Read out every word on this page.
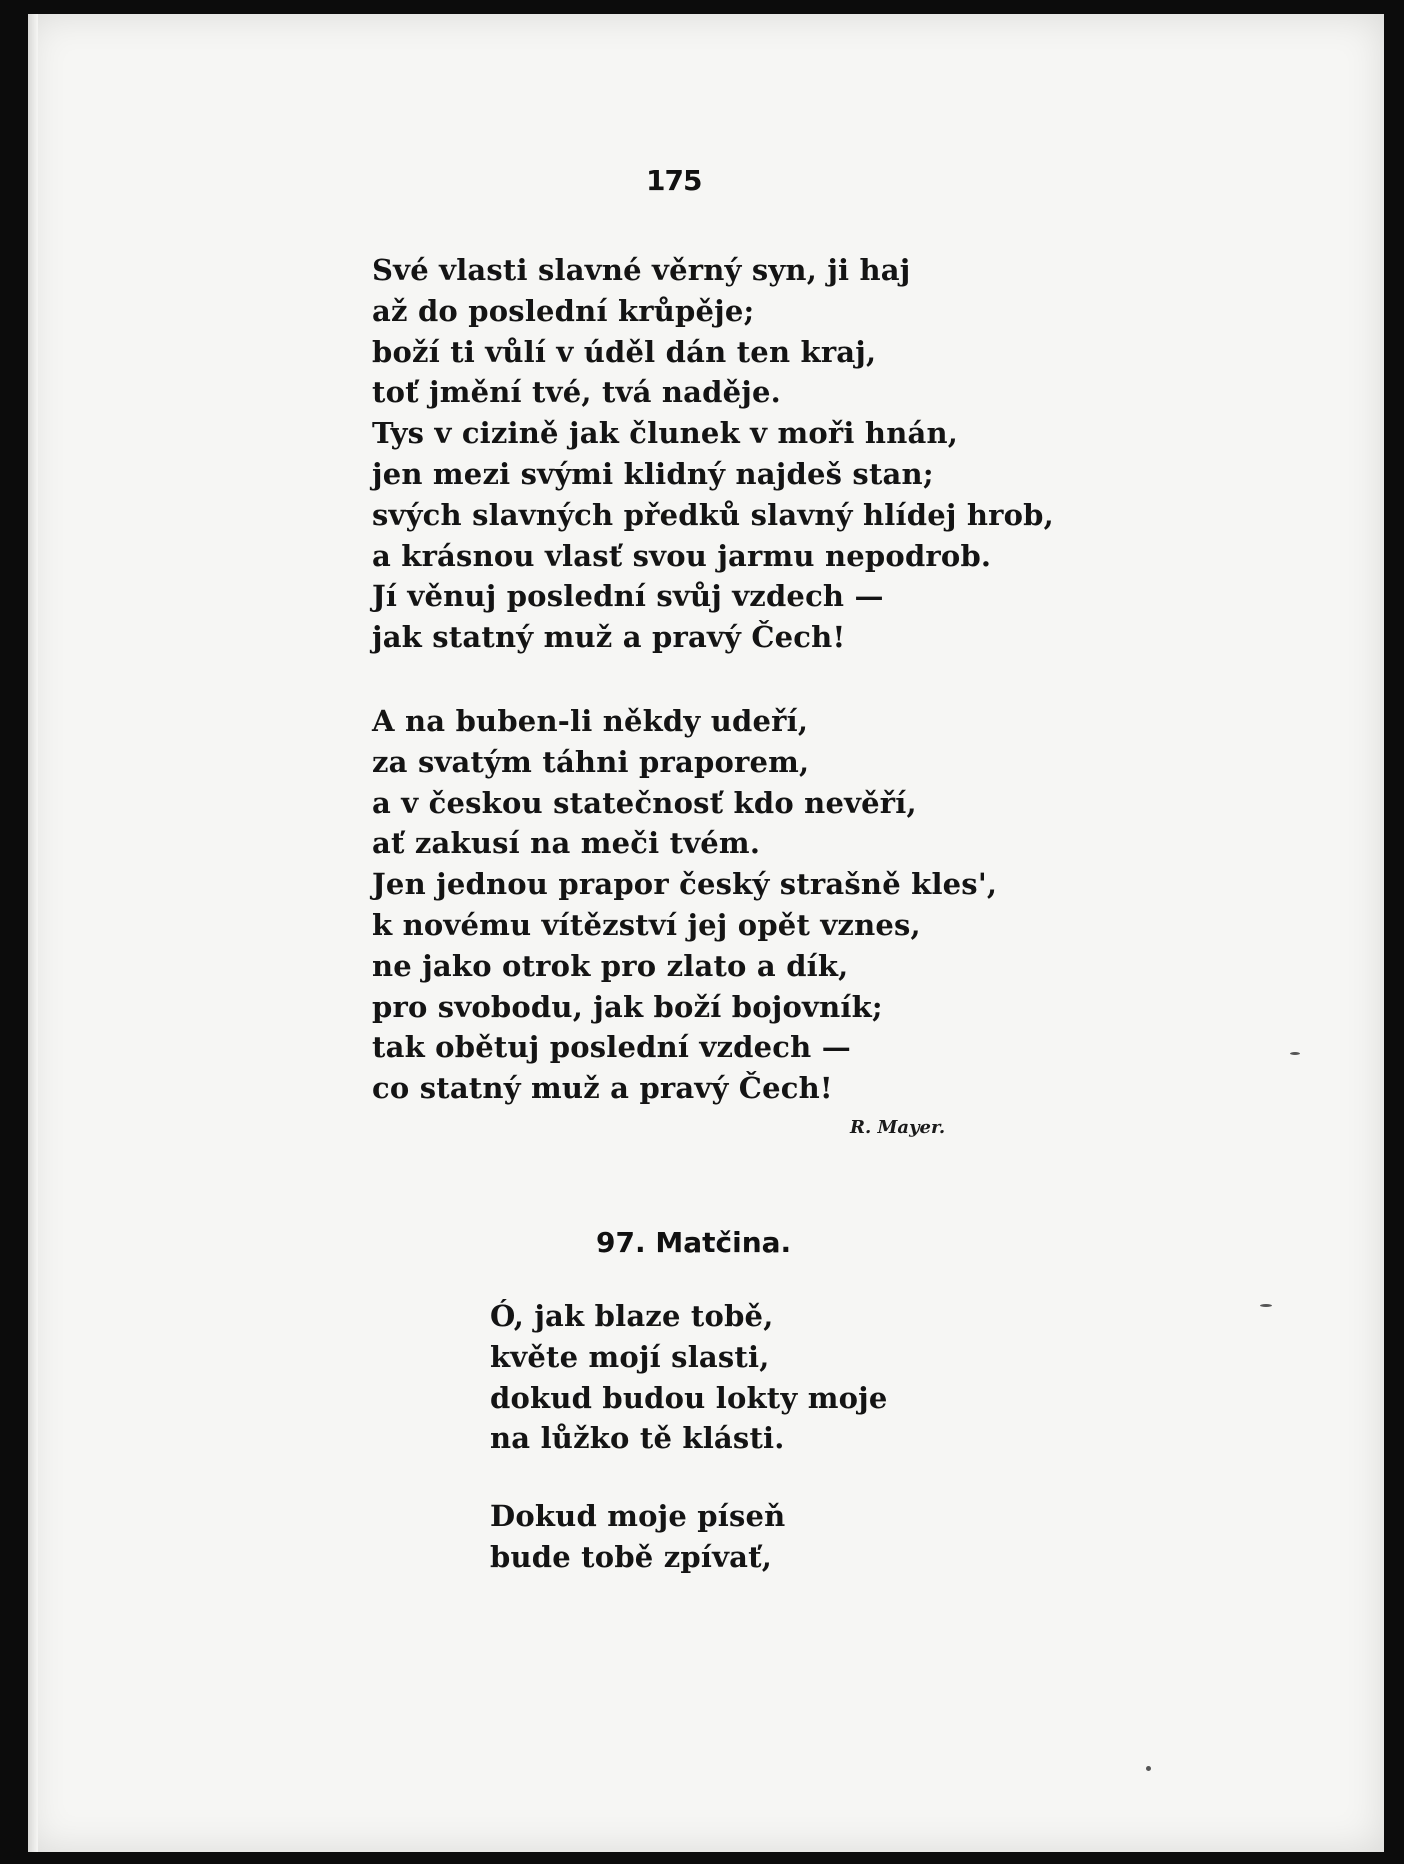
175
Své vlasti slavné věrný syn, ji haj
až do poslední krůpěje;
boží ti vůlí v úděl dán ten kraj,
toť jmění tvé, tvá naděje.
Tys v cizině jak člunek v moři hnán,
jen mezi svými klidný najdeš stan;
svých slavných předků slavný hlídej hrob,
a krásnou vlasť svou jarmu nepodrob.
Jí věnuj poslední svůj vzdech —
jak statný muž a pravý Čech!
A na buben-li někdy udeří,
za svatým táhni praporem,
a v českou statečnosť kdo nevěří,
ať zakusí na meči tvém.
Jen jednou prapor český strašně kles',
k novému vítězství jej opět vznes,
ne jako otrok pro zlato a dík,
pro svobodu, jak boží bojovník;
tak obětuj poslední vzdech —
co statný muž a pravý Čech!
R. Mayer.
97. Matčina.
Ó, jak blaze tobě,
květe mojí slasti,
dokud budou lokty moje
na lůžko tě klásti.
Dokud moje píseň
bude tobě zpívať,
